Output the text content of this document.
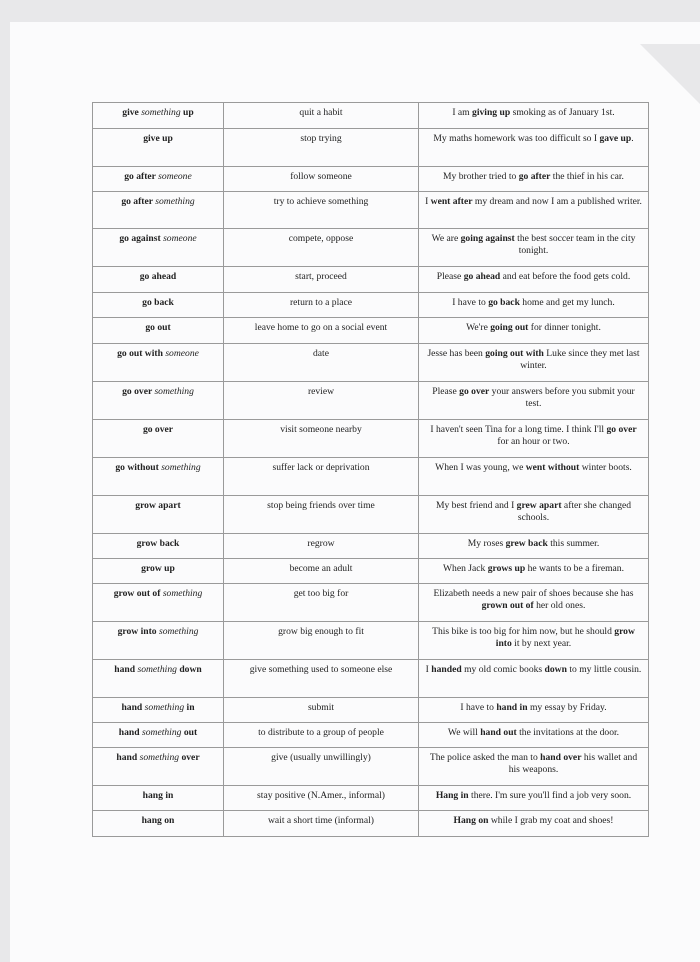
give something up	quit a habit	I am giving up smoking as of January 1st.
give up	stop trying	My maths homework was too difficult so I gave up.
go after someone	follow someone	My brother tried to go after the thief in his car.
go after something	try to achieve something	I went after my dream and now I am a published writer.
go against someone	compete, oppose	We are going against the best soccer team in the city tonight.
go ahead	start, proceed	Please go ahead and eat before the food gets cold.
go back	return to a place	I have to go back home and get my lunch.
go out	leave home to go on a social event	We're going out for dinner tonight.
go out with someone	date	Jesse has been going out with Luke since they met last winter.
go over something	review	Please go over your answers before you submit your test.
go over	visit someone nearby	I haven't seen Tina for a long time. I think I'll go over for an hour or two.
go without something	suffer lack or deprivation	When I was young, we went without winter boots.
grow apart	stop being friends over time	My best friend and I grew apart after she changed schools.
grow back	regrow	My roses grew back this summer.
grow up	become an adult	When Jack grows up he wants to be a fireman.
grow out of something	get too big for	Elizabeth needs a new pair of shoes because she has grown out of her old ones.
grow into something	grow big enough to fit	This bike is too big for him now, but he should grow into it by next year.
hand something down	give something used to someone else	I handed my old comic books down to my little cousin.
hand something in	submit	I have to hand in my essay by Friday.
hand something out	to distribute to a group of people	We will hand out the invitations at the door.
hand something over	give (usually unwillingly)	The police asked the man to hand over his wallet and his weapons.
hang in	stay positive (N.Amer., informal)	Hang in there. I'm sure you'll find a job very soon.
hang on	wait a short time (informal)	Hang on while I grab my coat and shoes!
